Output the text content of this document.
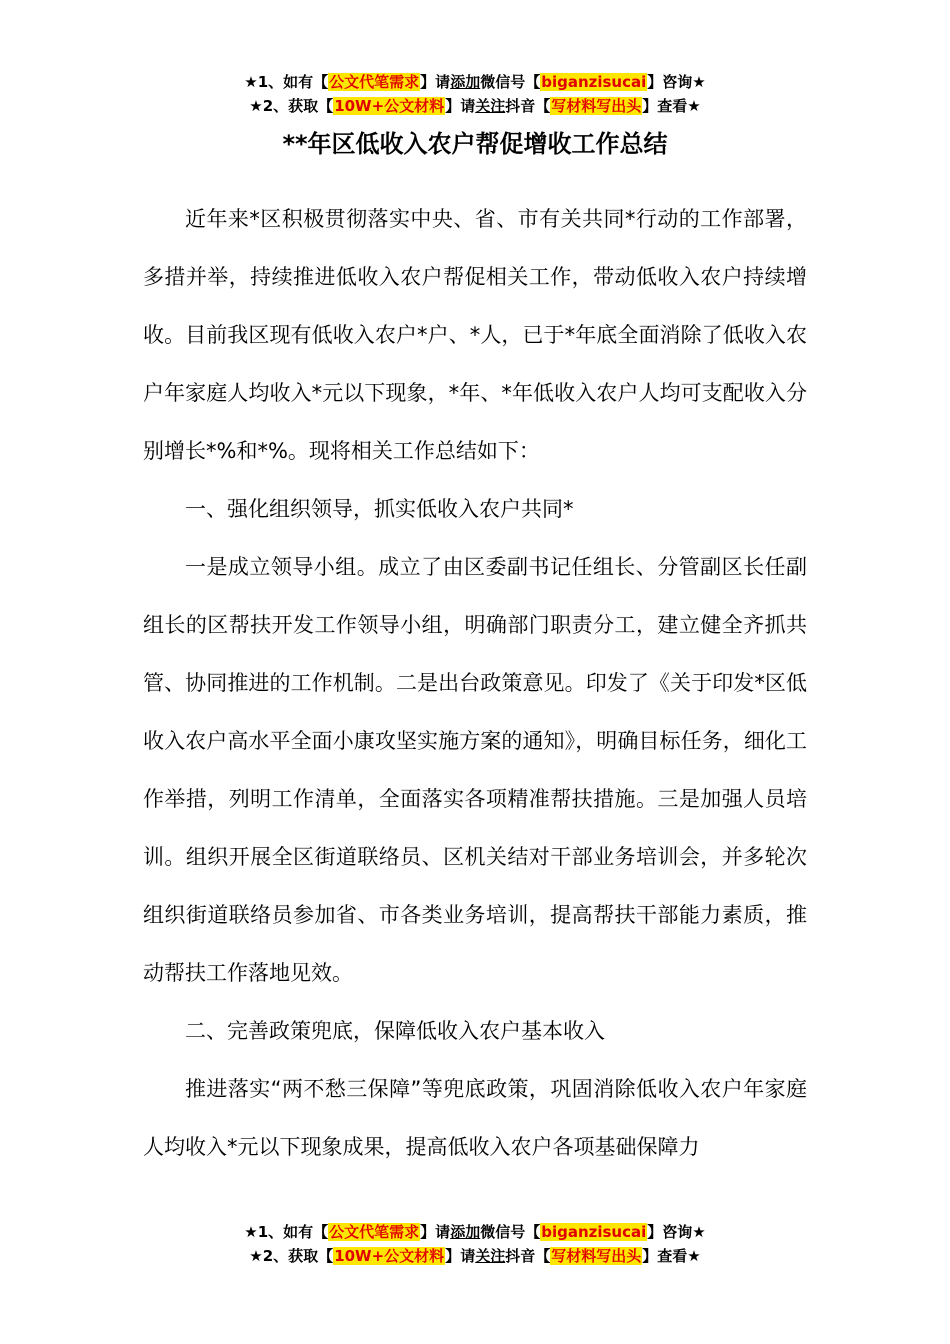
★1、如有【公文代笔需求】请添加微信号【biganzisucai】咨询★
★2、获取【10W+公文材料】请关注抖音【写材料写出头】查看★
**年区低收入农户帮促增收工作总结

近年来*区积极贯彻落实中央、省、市有关共同*行动的工作部署，多措并举，持续推进低收入农户帮促相关工作，带动低收入农户持续增收。目前我区现有低收入农户*户、*人，已于*年底全面消除了低收入农户年家庭人均收入*元以下现象，*年、*年低收入农户人均可支配收入分别增长*%和*%。现将相关工作总结如下：

一、强化组织领导，抓实低收入农户共同*

一是成立领导小组。成立了由区委副书记任组长、分管副区长任副组长的区帮扶开发工作领导小组，明确部门职责分工，建立健全齐抓共管、协同推进的工作机制。二是出台政策意见。印发了《关于印发*区低收入农户高水平全面小康攻坚实施方案的通知》，明确目标任务，细化工作举措，列明工作清单，全面落实各项精准帮扶措施。三是加强人员培训。组织开展全区街道联络员、区机关结对干部业务培训会，并多轮次组织街道联络员参加省、市各类业务培训，提高帮扶干部能力素质，推动帮扶工作落地见效。

二、完善政策兜底，保障低收入农户基本收入

推进落实“两不愁三保障”等兜底政策，巩固消除低收入农户年家庭人均收入*元以下现象成果，提高低收入农户各项基础保障力

★1、如有【公文代笔需求】请添加微信号【biganzisucai】咨询★
★2、获取【10W+公文材料】请关注抖音【写材料写出头】查看★
